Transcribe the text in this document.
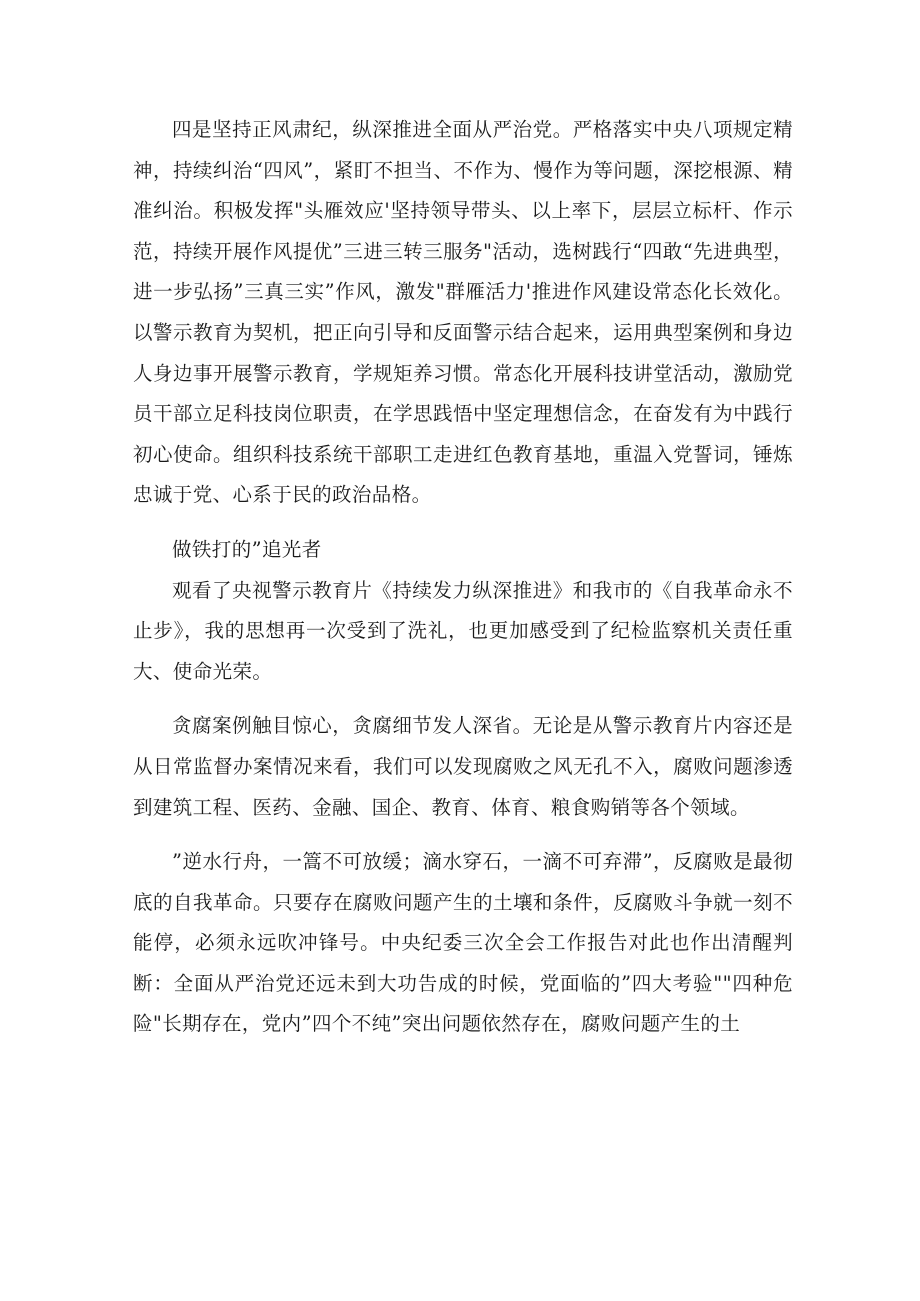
四是坚持正风肃纪，纵深推进全面从严治党。严格落实中央八项规定精神，持续纠治“四风”，紧盯不担当、不作为、慢作为等问题，深挖根源、精准纠治。积极发挥"头雁效应'坚持领导带头、以上率下，层层立标杆、作示范，持续开展作风提优”三进三转三服务"活动，选树践行“四敢“先进典型，进一步弘扬”三真三实”作风，激发"群雁活力'推进作风建设常态化长效化。以警示教育为契机，把正向引导和反面警示结合起来，运用典型案例和身边人身边事开展警示教育，学规矩养习惯。常态化开展科技讲堂活动，激励党员干部立足科技岗位职责，在学思践悟中坚定理想信念，在奋发有为中践行初心使命。组织科技系统干部职工走进红色教育基地，重温入党誓词，锤炼忠诚于党、心系于民的政治品格。

做铁打的”追光者

观看了央视警示教育片《持续发力纵深推进》和我市的《自我革命永不止步》，我的思想再一次受到了洗礼，也更加感受到了纪检监察机关责任重大、使命光荣。

贪腐案例触目惊心，贪腐细节发人深省。无论是从警示教育片内容还是从日常监督办案情况来看，我们可以发现腐败之风无孔不入，腐败问题渗透到建筑工程、医药、金融、国企、教育、体育、粮食购销等各个领域。

”逆水行舟，一篙不可放缓；滴水穿石，一滴不可弃滞”，反腐败是最彻底的自我革命。只要存在腐败问题产生的土壤和条件，反腐败斗争就一刻不能停，必须永远吹冲锋号。中央纪委三次全会工作报告对此也作出清醒判断：全面从严治党还远未到大功告成的时候，党面临的”四大考验""四种危险"长期存在，党内”四个不纯”突出问题依然存在，腐败问题产生的土
